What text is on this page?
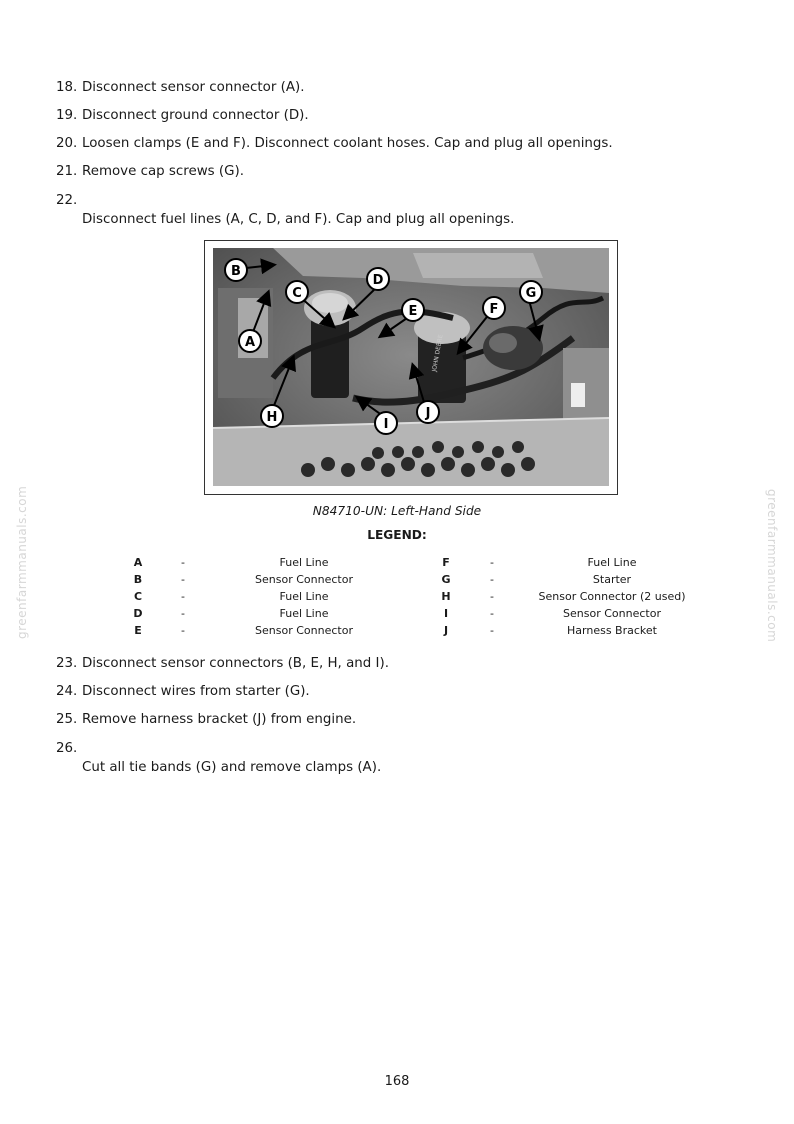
18. Disconnect sensor connector (A).
19. Disconnect ground connector (D).
20. Loosen clamps (E and F). Disconnect coolant hoses. Cap and plug all openings.
21. Remove cap screws (G).
22.
Disconnect fuel lines (A, C, D, and F). Cap and plug all openings.
JOHN DEERE
B
C
A
D
E	F
G
H	I
J
N84710-UN: Left-Hand Side
LEGEND:
A	-	Fuel Line	F	-	Fuel Line
B	-	Sensor Connector	G	-	Starter
C	-	Fuel Line	H	-	Sensor Connector (2 used)
D	-	Fuel Line	I	-	Sensor Connector
E	-	Sensor Connector	J	-	Harness Bracket
23. Disconnect sensor connectors (B, E, H, and I).
24. Disconnect wires from starter (G).
25. Remove harness bracket (J) from engine.
26.
Cut all tie bands (G) and remove clamps (A).
greenfarmmanuals.com	greenfarmmanuals.com
168
